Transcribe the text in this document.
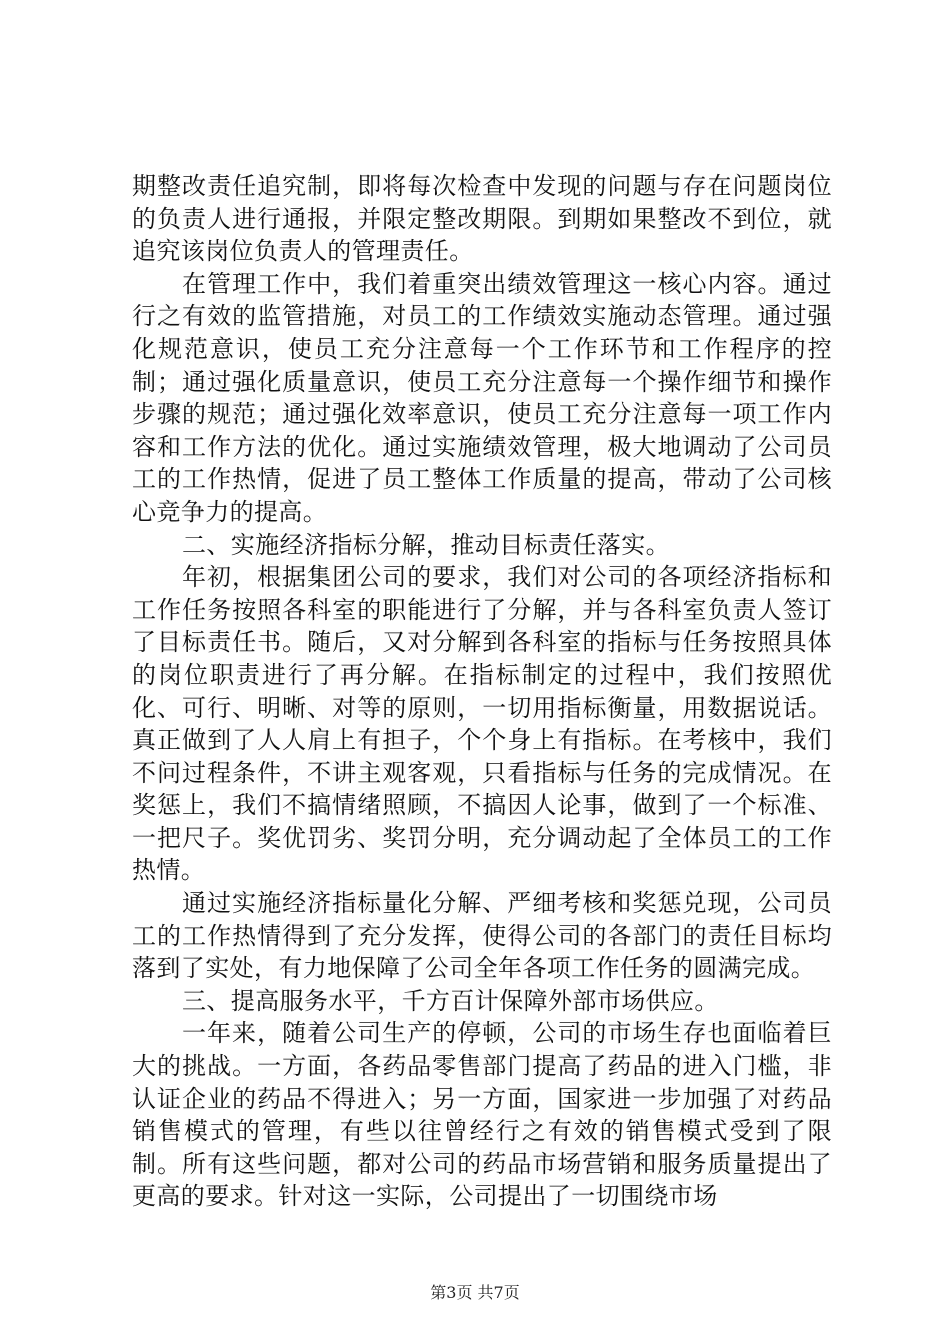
期整改责任追究制，即将每次检查中发现的问题与存在问题岗位的负责人进行通报，并限定整改期限。到期如果整改不到位，就追究该岗位负责人的管理责任。

在管理工作中，我们着重突出绩效管理这一核心内容。通过行之有效的监管措施，对员工的工作绩效实施动态管理。通过强化规范意识，使员工充分注意每一个工作环节和工作程序的控制；通过强化质量意识，使员工充分注意每一个操作细节和操作步骤的规范；通过强化效率意识，使员工充分注意每一项工作内容和工作方法的优化。通过实施绩效管理，极大地调动了公司员工的工作热情，促进了员工整体工作质量的提高，带动了公司核心竞争力的提高。

二、实施经济指标分解，推动目标责任落实。

年初，根据集团公司的要求，我们对公司的各项经济指标和工作任务按照各科室的职能进行了分解，并与各科室负责人签订了目标责任书。随后，又对分解到各科室的指标与任务按照具体的岗位职责进行了再分解。在指标制定的过程中，我们按照优化、可行、明晰、对等的原则，一切用指标衡量，用数据说话。真正做到了人人肩上有担子，个个身上有指标。在考核中，我们不问过程条件，不讲主观客观，只看指标与任务的完成情况。在奖惩上，我们不搞情绪照顾，不搞因人论事，做到了一个标准、一把尺子。奖优罚劣、奖罚分明，充分调动起了全体员工的工作热情。

通过实施经济指标量化分解、严细考核和奖惩兑现，公司员工的工作热情得到了充分发挥，使得公司的各部门的责任目标均落到了实处，有力地保障了公司全年各项工作任务的圆满完成。

三、提高服务水平，千方百计保障外部市场供应。

一年来，随着公司生产的停顿，公司的市场生存也面临着巨大的挑战。一方面，各药品零售部门提高了药品的进入门槛，非认证企业的药品不得进入；另一方面，国家进一步加强了对药品销售模式的管理，有些以往曾经行之有效的销售模式受到了限制。所有这些问题，都对公司的药品市场营销和服务质量提出了更高的要求。针对这一实际，公司提出了一切围绕市场

第3页 共7页
